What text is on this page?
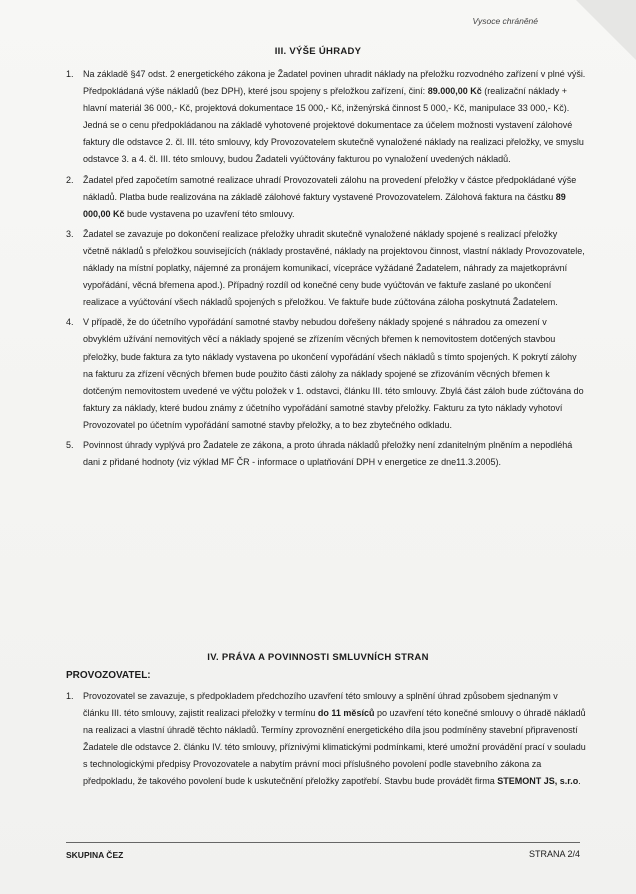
Vysoce chráněné
III. VÝŠE ÚHRADY
1. Na základě §47 odst. 2 energetického zákona je Žadatel povinen uhradit náklady na přeložku rozvodného zařízení v plné výši. Předpokládaná výše nákladů (bez DPH), které jsou spojeny s přeložkou zařízení, činí: 89.000,00 Kč (realizační náklady + hlavní materiál 36 000,- Kč, projektová dokumentace 15 000,- Kč, inženýrská činnost 5 000,- Kč, manipulace 33 000,- Kč). Jedná se o cenu předpokládanou na základě vyhotovené projektové dokumentace za účelem možnosti vystavení zálohové faktury dle odstavce 2. čl. III. této smlouvy, kdy Provozovatelem skutečně vynaložené náklady na realizaci přeložky, ve smyslu odstavce 3. a 4. čl. III. této smlouvy, budou Žadateli vyúčtovány fakturou po vynaložení uvedených nákladů.
2. Žadatel před započetím samotné realizace uhradí Provozovateli zálohu na provedení přeložky v částce předpokládané výše nákladů. Platba bude realizována na základě zálohové faktury vystavené Provozovatelem. Zálohová faktura na částku 89 000,00 Kč bude vystavena po uzavření této smlouvy.
3. Žadatel se zavazuje po dokončení realizace přeložky uhradit skutečně vynaložené náklady spojené s realizací přeložky včetně nákladů s přeložkou souvisejících (náklady prostavěné, náklady na projektovou činnost, vlastní náklady Provozovatele, náklady na místní poplatky, nájemné za pronájem komunikací, vícepráce vyžádané Žadatelem, náhrady za majetkoprávní vypořádání, věcná břemena apod.). Případný rozdíl od konečné ceny bude vyúčtován ve faktuře zaslané po ukončení realizace a vyúčtování všech nákladů spojených s přeložkou. Ve faktuře bude zúčtována záloha poskytnutá Žadatelem.
4. V případě, že do účetního vypořádání samotné stavby nebudou dořešeny náklady spojené s náhradou za omezení v obvyklém užívání nemovitých věcí a náklady spojené se zřízením věcných břemen k nemovitostem dotčených stavbou přeložky, bude faktura za tyto náklady vystavena po ukončení vypořádání všech nákladů s tímto spojených. K pokrytí zálohy na fakturu za zřízení věcných břemen bude použito části zálohy za náklady spojené se zřizováním věcných břemen k dotčeným nemovitostem uvedené ve výčtu položek v 1. odstavci, článku III. této smlouvy. Zbylá část záloh bude zúčtována do faktury za náklady, které budou známy z účetního vypořádání samotné stavby přeložky. Fakturu za tyto náklady vyhotoví Provozovatel po účetním vypořádání samotné stavby přeložky, a to bez zbytečného odkladu.
5. Povinnost úhrady vyplývá pro Žadatele ze zákona, a proto úhrada nákladů přeložky není zdanitelným plněním a nepodléhá dani z přidané hodnoty (viz výklad MF ČR - informace o uplatňování DPH v energetice ze dne11.3.2005).
IV. PRÁVA A POVINNOSTI SMLUVNÍCH STRAN
PROVOZOVATEL:
1. Provozovatel se zavazuje, s předpokladem předchozího uzavření této smlouvy a splnění úhrad způsobem sjednaným v článku III. této smlouvy, zajistit realizaci přeložky v termínu do 11 měsíců po uzavření této konečné smlouvy o úhradě nákladů na realizaci a vlastní úhradě těchto nákladů. Termíny zprovoznění energetického díla jsou podmíněny stavební připraveností Žadatele dle odstavce 2. článku IV. této smlouvy, příznivými klimatickými podmínkami, které umožní provádění prací v souladu s technologickými předpisy Provozovatele a nabytím právní moci příslušného povolení podle stavebního zákona za předpokladu, že takového povolení bude k uskutečnění přeložky zapotřebí. Stavbu bude provádět firma STEMONT JS, s.r.o.
SKUPINA ČEZ	STRANA 2/4
